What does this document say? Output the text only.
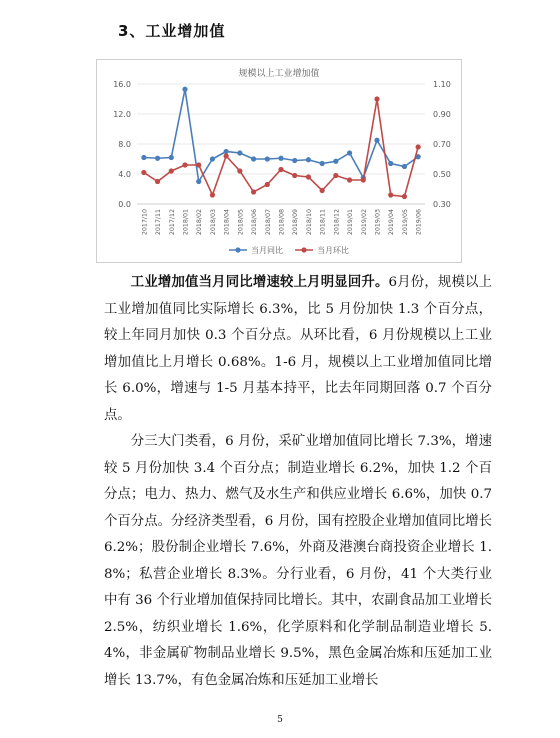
3、工业增加值
规模以上工业增加值
0.0	0.30
4.0	0.50
8.0	0.70
12.0	0.90
16.0	1.10
2017/10 2017/11 2017/12 2018/01 2018/02 2018/03 2018/04 2018/05 2018/06 2018/07 2018/08 2018/09 2018/10 2018/11 2018/12 2019/01 2019/02 2019/03 2019/04 2019/05 2019/06
当月同比	当月环比

工业增加值当月同比增速较上月明显回升。6月份，规模以上工业增加值同比实际增长 6.3%，比 5 月份加快 1.3 个百分点，较上年同月加快 0.3 个百分点。从环比看，6 月份规模以上工业增加值比上月增长 0.68%。1-6 月，规模以上工业增加值同比增长 6.0%，增速与 1-5 月基本持平，比去年同期回落 0.7 个百分点。

分三大门类看，6 月份，采矿业增加值同比增长 7.3%，增速较 5 月份加快 3.4 个百分点；制造业增长 6.2%，加快 1.2 个百分点；电力、热力、燃气及水生产和供应业增长 6.6%，加快 0.7 个百分点。分经济类型看，6 月份，国有控股企业增加值同比增长 6.2%；股份制企业增长 7.6%，外商及港澳台商投资企业增长 1.8%；私营企业增长 8.3%。分行业看，6 月份，41 个大类行业中有 36 个行业增加值保持同比增长。其中，农副食品加工业增长 2.5%，纺织业增长 1.6%，化学原料和化学制品制造业增长 5.4%，非金属矿物制品业增长 9.5%，黑色金属冶炼和压延加工业增长 13.7%，有色金属冶炼和压延加工业增长

5
